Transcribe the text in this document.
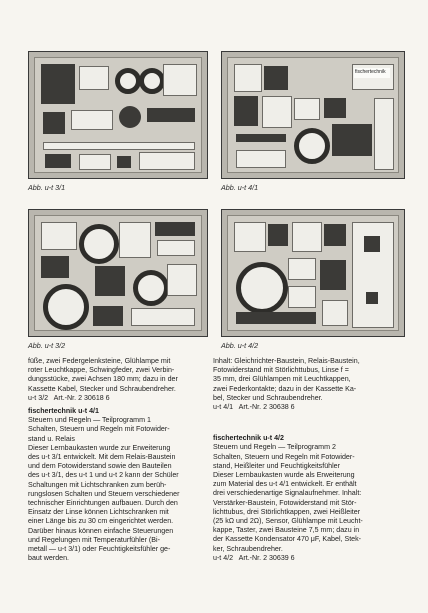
Abb. u-t 3/1
fischertechnik
Abb. u-t 4/1
Abb. u-t 3/2	Abb. u-t 4/2

füße, zwei Federgelenksteine, Glühlampe mit

roter Leuchtkappe, Schwingfeder, zwei Verbin-

dungsstücke, zwei Achsen 180 mm; dazu in der

Kassette Kabel, Stecker und Schraubendreher.

u-t 3/2   Art.-Nr. 2 30618 6

fischertechnik u-t 4/1

Steuern und Regeln — Teilprogramm 1

Schalten, Steuern und Regeln mit Fotowider-

stand u. Relais

Dieser Lernbaukasten wurde zur Erweiterung

des u-t 3/1 entwickelt. Mit dem Relais-Baustein

und dem Fotowiderstand sowie den Bauteilen

des u-t 3/1, des u-t 1 und u-t 2 kann der Schüler

Schaltungen mit Lichtschranken zum berüh-

rungslosen Schalten und Steuern verschiedener

technischer Einrichtungen aufbauen. Durch den

Einsatz der Linse können Lichtschranken mit

einer Länge bis zu 30 cm eingerichtet werden.

Darüber hinaus können einfache Steuerungen

und Regelungen mit Temperaturfühler (Bi-

metall — u-t 3/1) oder Feuchtigkeitsfühler ge-

baut werden.

Inhalt: Gleichrichter-Baustein, Relais-Baustein,

Fotowiderstand mit Störlichttubus, Linse f =

35 mm, drei Glühlampen mit Leuchtkappen,

zwei Federkontakte; dazu in der Kassette Ka-

bel, Stecker und Schraubendreher.

u-t 4/1   Art.-Nr. 2 30638 6

fischertechnik u-t 4/2

Steuern und Regeln — Teilprogramm 2

Schalten, Steuern und Regeln mit Fotowider-

stand, Heißleiter und Feuchtigkeitsfühler

Dieser Lernbaukasten wurde als Erweiterung

zum Material des u-t 4/1 entwickelt. Er enthält

drei verschiedenartige Signalaufnehmer. Inhalt:

Verstärker-Baustein, Fotowiderstand mit Stör-

lichttubus, drei Störlichtkappen, zwei Heißleiter

(25 kΩ und 2Ω), Sensor, Glühlampe mit Leucht-

kappe, Taster, zwei Bausteine 7,5 mm; dazu in

der Kassette Kondensator 470 μF, Kabel, Stek-

ker, Schraubendreher.

u-t 4/2   Art.-Nr. 2 30639 6
